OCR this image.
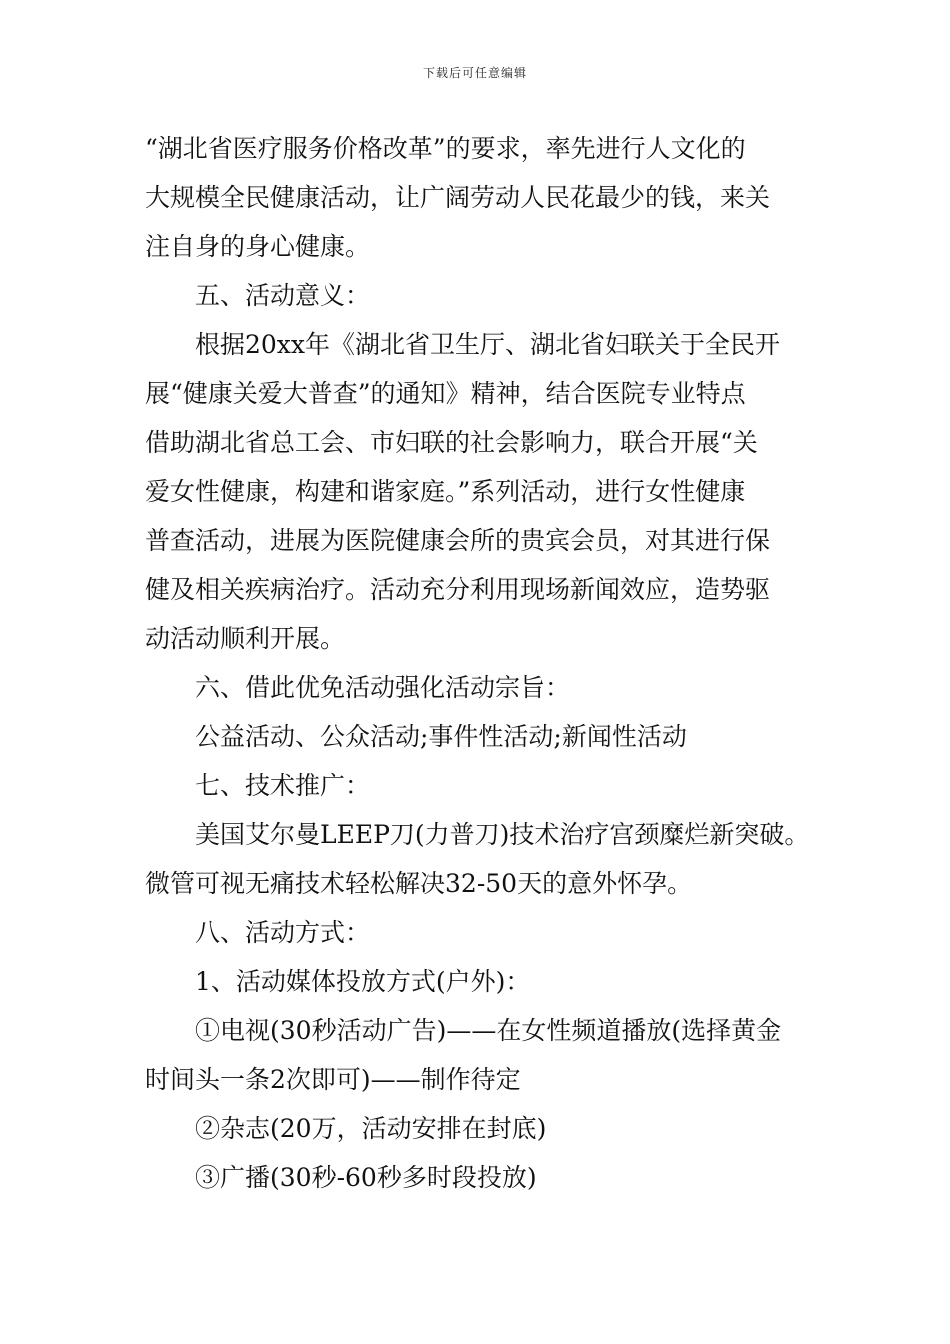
下载后可任意编辑
“湖北省医疗服务价格改革”的要求，率先进行人文化的
大规模全民健康活动，让广阔劳动人民花最少的钱，来关
注自身的身心健康。
五、活动意义：
根据20xx年《湖北省卫生厅、湖北省妇联关于全民开
展“健康关爱大普查”的通知》精神，结合医院专业特点
借助湖北省总工会、市妇联的社会影响力，联合开展“关
爱女性健康，构建和谐家庭。”系列活动，进行女性健康
普查活动，进展为医院健康会所的贵宾会员，对其进行保
健及相关疾病治疗。活动充分利用现场新闻效应，造势驱
动活动顺利开展。
六、借此优免活动强化活动宗旨：
公益活动、公众活动;事件性活动;新闻性活动
七、技术推广：
美国艾尔曼LEEP刀(力普刀)技术治疗宫颈糜烂新突破。
微管可视无痛技术轻松解决32-50天的意外怀孕。
八、活动方式：
1、活动媒体投放方式(户外)：
①电视(30秒活动广告)——在女性频道播放(选择黄金
时间头一条2次即可)——制作待定
②杂志(20万，活动安排在封底)
③广播(30秒-60秒多时段投放)
